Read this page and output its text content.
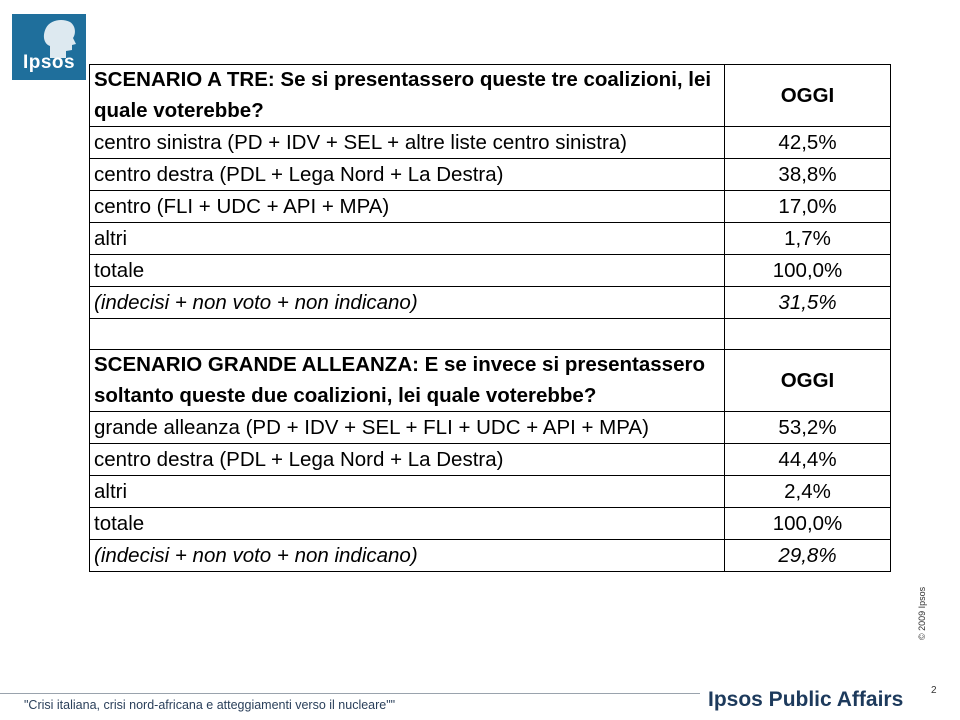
Ipsos
SCENARIO A TRE: Se si presentassero queste tre coalizioni, lei quale voterebbe?	OGGI
centro sinistra (PD + IDV + SEL + altre liste centro sinistra)	42,5%
centro destra (PDL + Lega Nord + La Destra)	38,8%
centro (FLI + UDC + API + MPA)	17,0%
altri	1,7%
totale	100,0%
(indecisi + non voto + non indicano)	31,5%

SCENARIO GRANDE ALLEANZA: E se invece si presentassero soltanto queste due coalizioni, lei quale voterebbe?	OGGI
grande alleanza (PD + IDV + SEL + FLI + UDC + API + MPA)	53,2%
centro destra (PDL + Lega Nord + La Destra)	44,4%
altri	2,4%
totale	100,0%
(indecisi + non voto + non indicano)	29,8%
© 2009 Ipsos
2
"Crisi italiana, crisi nord-africana e atteggiamenti verso il nucleare""	Ipsos Public Affairs
